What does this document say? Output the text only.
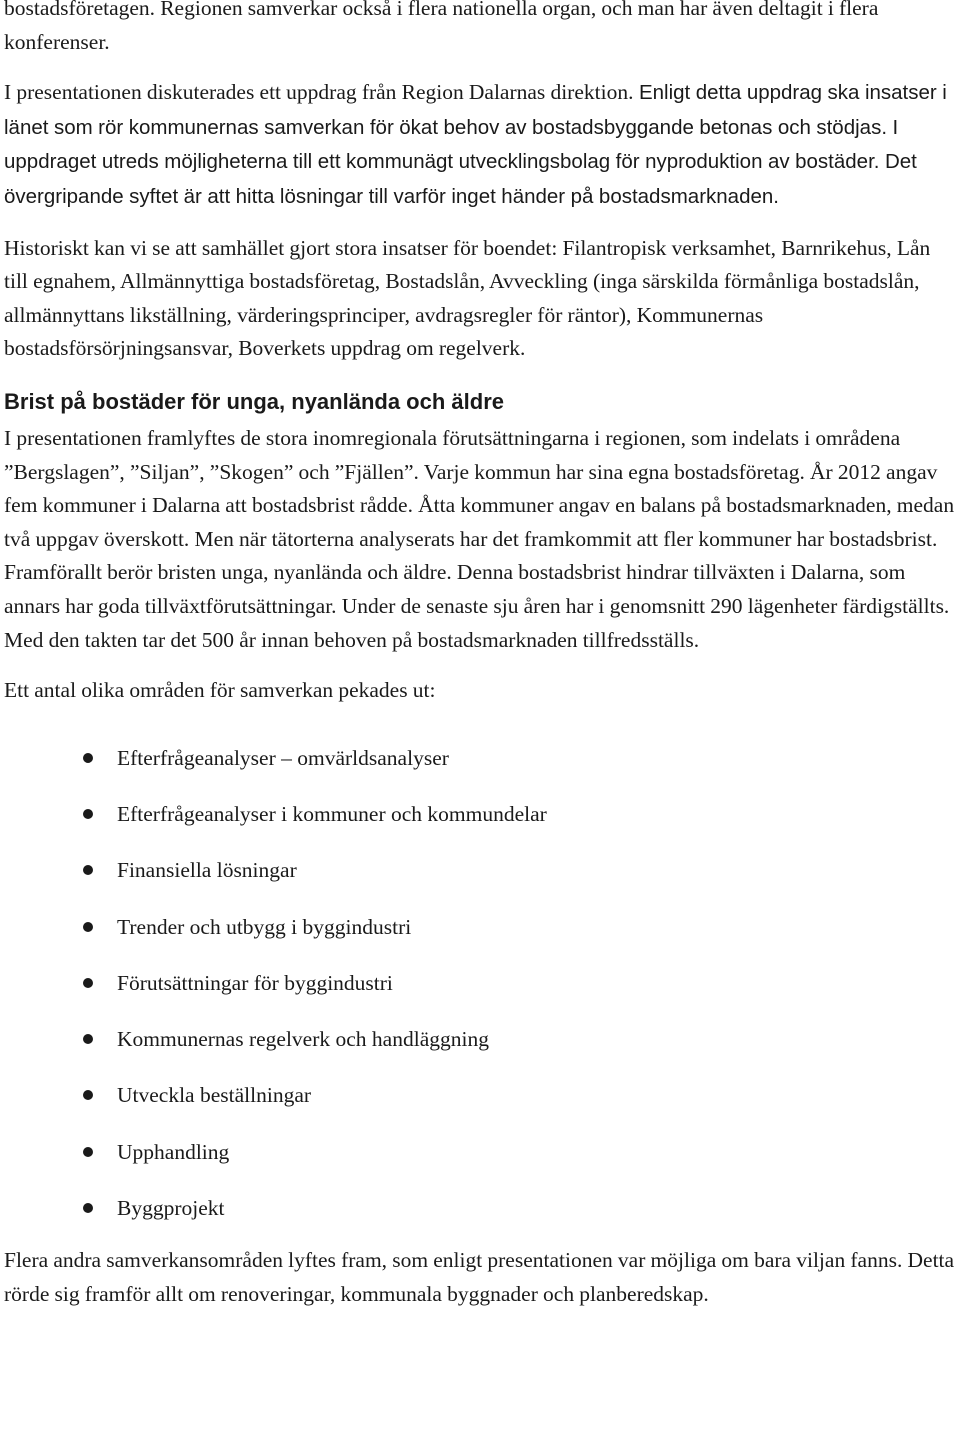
bostadsföretagen. Regionen samverkar också i flera nationella organ, och man har även deltagit i flera konferenser.

I presentationen diskuterades ett uppdrag från Region Dalarnas direktion. Enligt detta uppdrag ska insatser i länet som rör kommunernas samverkan för ökat behov av bostadsbyggande betonas och stödjas. I uppdraget utreds möjligheterna till ett kommunägt utvecklingsbolag för nyproduktion av bostäder. Det övergripande syftet är att hitta lösningar till varför inget händer på bostadsmarknaden.

Historiskt kan vi se att samhället gjort stora insatser för boendet: Filantropisk verksamhet, Barnrikehus, Lån till egnahem, Allmännyttiga bostadsföretag, Bostadslån, Avveckling (inga särskilda förmånliga bostadslån, allmännyttans likställning, värderingsprinciper, avdragsregler för räntor), Kommunernas bostadsförsörjningsansvar, Boverkets uppdrag om regelverk.

Brist på bostäder för unga, nyanlända och äldre

I presentationen framlyftes de stora inomregionala förutsättningarna i regionen, som indelats i områdena ”Bergslagen”, ”Siljan”, ”Skogen” och ”Fjällen”. Varje kommun har sina egna bostadsföretag. År 2012 angav fem kommuner i Dalarna att bostadsbrist rådde. Åtta kommuner angav en balans på bostadsmarknaden, medan två uppgav överskott. Men när tätorterna analyserats har det framkommit att fler kommuner har bostadsbrist. Framförallt berör bristen unga, nyanlända och äldre. Denna bostadsbrist hindrar tillväxten i Dalarna, som annars har goda tillväxtförutsättningar. Under de senaste sju åren har i genomsnitt 290 lägenheter färdigställts. Med den takten tar det 500 år innan behoven på bostadsmarknaden tillfredsställs.

Ett antal olika områden för samverkan pekades ut:

Efterfrågeanalyser – omvärldsanalyser
Efterfrågeanalyser i kommuner och kommundelar
Finansiella lösningar
Trender och utbygg i byggindustri
Förutsättningar för byggindustri
Kommunernas regelverk och handläggning
Utveckla beställningar
Upphandling
Byggprojekt

Flera andra samverkansområden lyftes fram, som enligt presentationen var möjliga om bara viljan fanns. Detta rörde sig framför allt om renoveringar, kommunala byggnader och planberedskap.
